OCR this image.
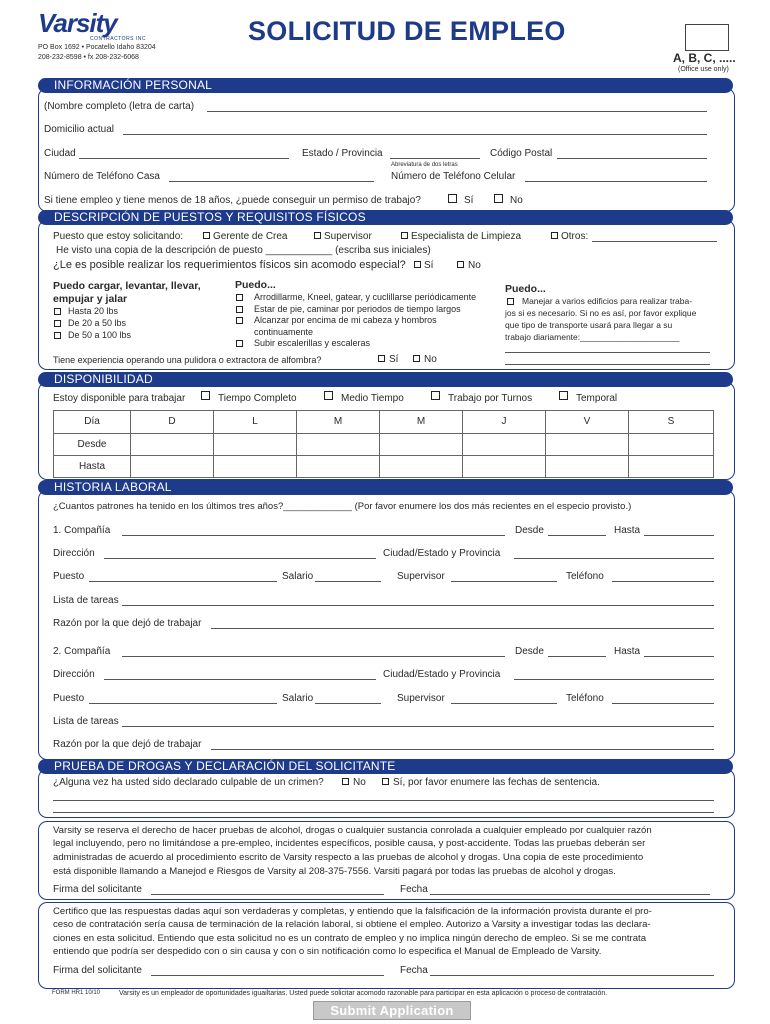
Varsity
CONTRACTORS INC
PO Box 1692 • Pocatello Idaho 83204
208-232-8598 • fx 208-232-6068
SOLICITUD DE EMPLEO
A, B, C, .....
(Office use only)
INFORMACIÓN PERSONAL
(Nombre completo (letra de carta)
Domicilio actual
Ciudad	Estado / Provincia	Código Postal
Abreviatura de dos letras
Número de Teléfono Casa	Número de Teléfono Celular
Si tiene empleo y tiene menos de 18 años, ¿puede conseguir un permiso de trabajo?	Sí	No
DESCRIPCIÓN DE PUESTOS Y REQUISITOS FÍSICOS
Puesto que estoy solicitando:	Gerente de Crea	Supervisor	Especialista de Limpieza	Otros:
He visto una copia de la descripción de puesto ____________ (escriba sus iniciales)
¿Le es posible realizar los requerimientos físicos sin acomodo especial? Sí	No
Puedo cargar, levantar, llevar,
empujar y jalar
Hasta 20 lbs
De 20 a 50 lbs
De 50 a 100 lbs
Puedo...
Arrodillarme, Kneel, gatear, y cuclillarse periódicamente
Estar de pie, caminar por periodos de tiempo largos
Alcanzar por encima de mi cabeza y hombros
continuamente
Subir escalerillas y escaleras
Puedo...
Manejar a varios edificios para realizar traba-
jos si es necesario. Si no es así, por favor explique
que tipo de transporte usará para llegar a su
trabajo diariamente:_____________________
Tiene experiencia operando una pulidora o extractora de alfombra?	Sí	No
DISPONIBILIDAD
Estoy disponible para trabajar	Tiempo Completo	Medio Tiempo	Trabajo por Turnos	Temporal
Día	D	L	M	M	J	V	S
Desde
Hasta
HISTORIA LABORAL
¿Cuantos patrones ha tenido en los últimos tres años?_____________ (Por favor enumere los dos más recientes en el especio provisto.)
1. Compañía	Desde	Hasta
Dirección	Ciudad/Estado y Provincia
Puesto	Salario	Supervisor	Teléfono
Lista de tareas
Razón por la que dejó de trabajar
2. Compañía	Desde	Hasta
Dirección	Ciudad/Estado y Provincia
Puesto	Salario	Supervisor	Teléfono
Lista de tareas
Razón por la que dejó de trabajar
PRUEBA DE DROGAS Y DECLARACIÓN DEL SOLICITANTE
¿Alguna vez ha usted sido declarado culpable de un crimen?	No	Sí, por favor enumere las fechas de sentencia.
Varsity se reserva el derecho de hacer pruebas de alcohol, drogas o cualquier sustancia conrolada a cualquier empleado por cualquier razón
legal incluyendo, pero no limitándose a pre-empleo, incidentes específicos, posible causa, y post-accidente. Todas las pruebas deberán ser
administradas de acuerdo al procedimiento escrito de Varsity respecto a las pruebas de alcohol y drogas. Una copia de este procedimiento
está disponible llamando a Manejod e Riesgos de Varsity al 208-375-7556. Varsiti pagará por todas las pruebas de alcohol y drogas.
Firma del solicitante	Fecha
Certifico que las respuestas dadas aquí son verdaderas y completas, y entiendo que la falsificación de la información provista durante el pro-
ceso de contratación sería causa de terminación de la relación laboral, si obtiene el empleo. Autorizo a Varsity a investigar todas las declara-
ciones en esta solicitud. Entiendo que esta solicitud no es un contrato de empleo y no implica ningún derecho de empleo. Si se me contrata
entiendo que podría ser despedido con o sin causa y con o sin notificación como lo especifica el Manual de Empleado de Varsity.
Firma del solicitante	Fecha
FORM HR1 10/10	Varsity es un empleador de oportunidades iguailtarias. Usted puede solicitar acomodo razonable para participar en esta aplicación o proceso de contratación.
Submit Application
